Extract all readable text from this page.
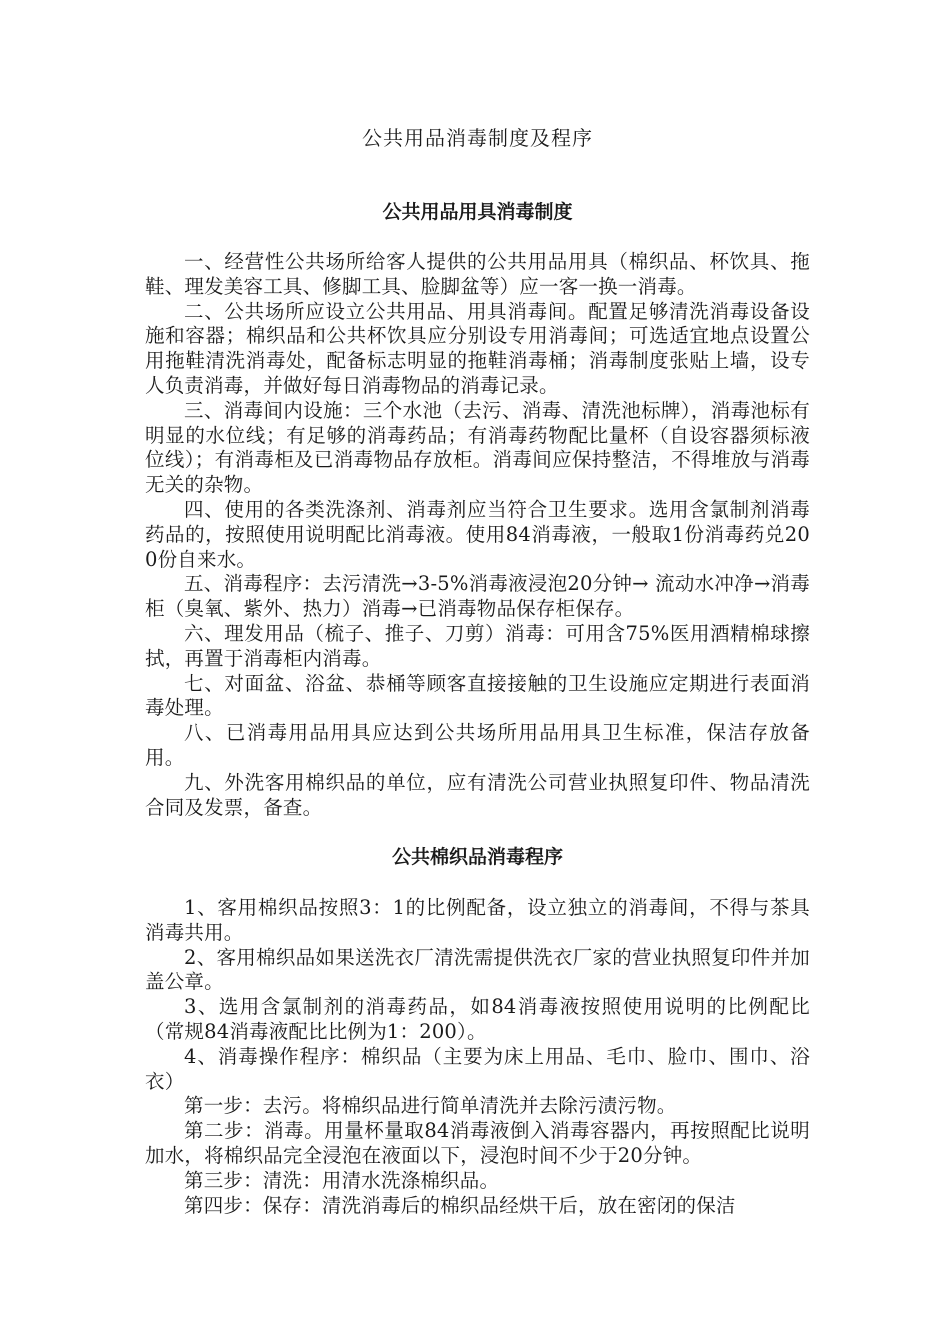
公共用品消毒制度及程序
公共用品用具消毒制度

一、经营性公共场所给客人提供的公共用品用具（棉织品、杯饮具、拖鞋、理发美容工具、修脚工具、脸脚盆等）应一客一换一消毒。

二、公共场所应设立公共用品、用具消毒间。配置足够清洗消毒设备设施和容器；棉织品和公共杯饮具应分别设专用消毒间；可选适宜地点设置公用拖鞋清洗消毒处，配备标志明显的拖鞋消毒桶；消毒制度张贴上墙，设专人负责消毒，并做好每日消毒物品的消毒记录。

三、消毒间内设施：三个水池（去污、消毒、清洗池标牌），消毒池标有明显的水位线；有足够的消毒药品；有消毒药物配比量杯（自设容器须标液位线）；有消毒柜及已消毒物品存放柜。消毒间应保持整洁，不得堆放与消毒无关的杂物。

四、使用的各类洗涤剂、消毒剂应当符合卫生要求。选用含氯制剂消毒药品的，按照使用说明配比消毒液。使用84消毒液，一般取1份消毒药兑200份自来水。

五、消毒程序：去污清洗→3-5%消毒液浸泡20分钟→ 流动水冲净→消毒柜（臭氧、紫外、热力）消毒→已消毒物品保存柜保存。

六、理发用品（梳子、推子、刀剪）消毒：可用含75%医用酒精棉球擦拭，再置于消毒柜内消毒。

七、对面盆、浴盆、恭桶等顾客直接接触的卫生设施应定期进行表面消毒处理。

八、已消毒用品用具应达到公共场所用品用具卫生标准，保洁存放备用。

九、外洗客用棉织品的单位，应有清洗公司营业执照复印件、物品清洗合同及发票，备查。

公共棉织品消毒程序

1、客用棉织品按照3：1的比例配备，设立独立的消毒间，不得与茶具消毒共用。

2、客用棉织品如果送洗衣厂清洗需提供洗衣厂家的营业执照复印件并加盖公章。

3、选用含氯制剂的消毒药品，如84消毒液按照使用说明的比例配比（常规84消毒液配比比例为1：200）。

4、消毒操作程序：棉织品（主要为床上用品、毛巾、脸巾、围巾、浴衣）

第一步：去污。将棉织品进行简单清洗并去除污渍污物。

第二步：消毒。用量杯量取84消毒液倒入消毒容器内，再按照配比说明加水，将棉织品完全浸泡在液面以下，浸泡时间不少于20分钟。

第三步：清洗：用清水洗涤棉织品。

第四步：保存：清洗消毒后的棉织品经烘干后，放在密闭的保洁
